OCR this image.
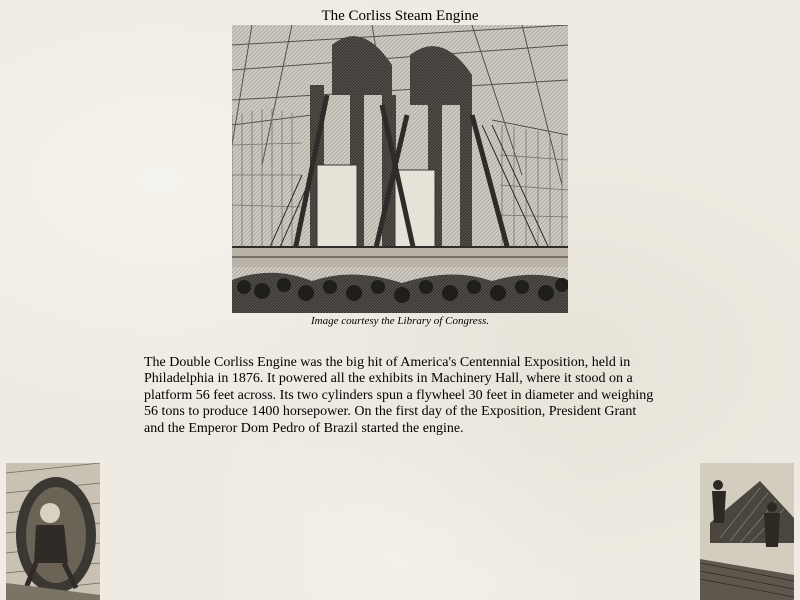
The Corliss Steam Engine
Image courtesy the Library of Congress.

The Double Corliss Engine was the big hit of America's Centennial Exposition, held in Philadelphia in 1876. It powered all the exhibits in Machinery Hall, where it stood on a platform 56 feet across. Its two cylinders spun a flywheel 30 feet in diameter and weighing 56 tons to produce 1400 horsepower. On the first day of the Exposition, President Grant and the Emperor Dom Pedro of Brazil started the engine.
